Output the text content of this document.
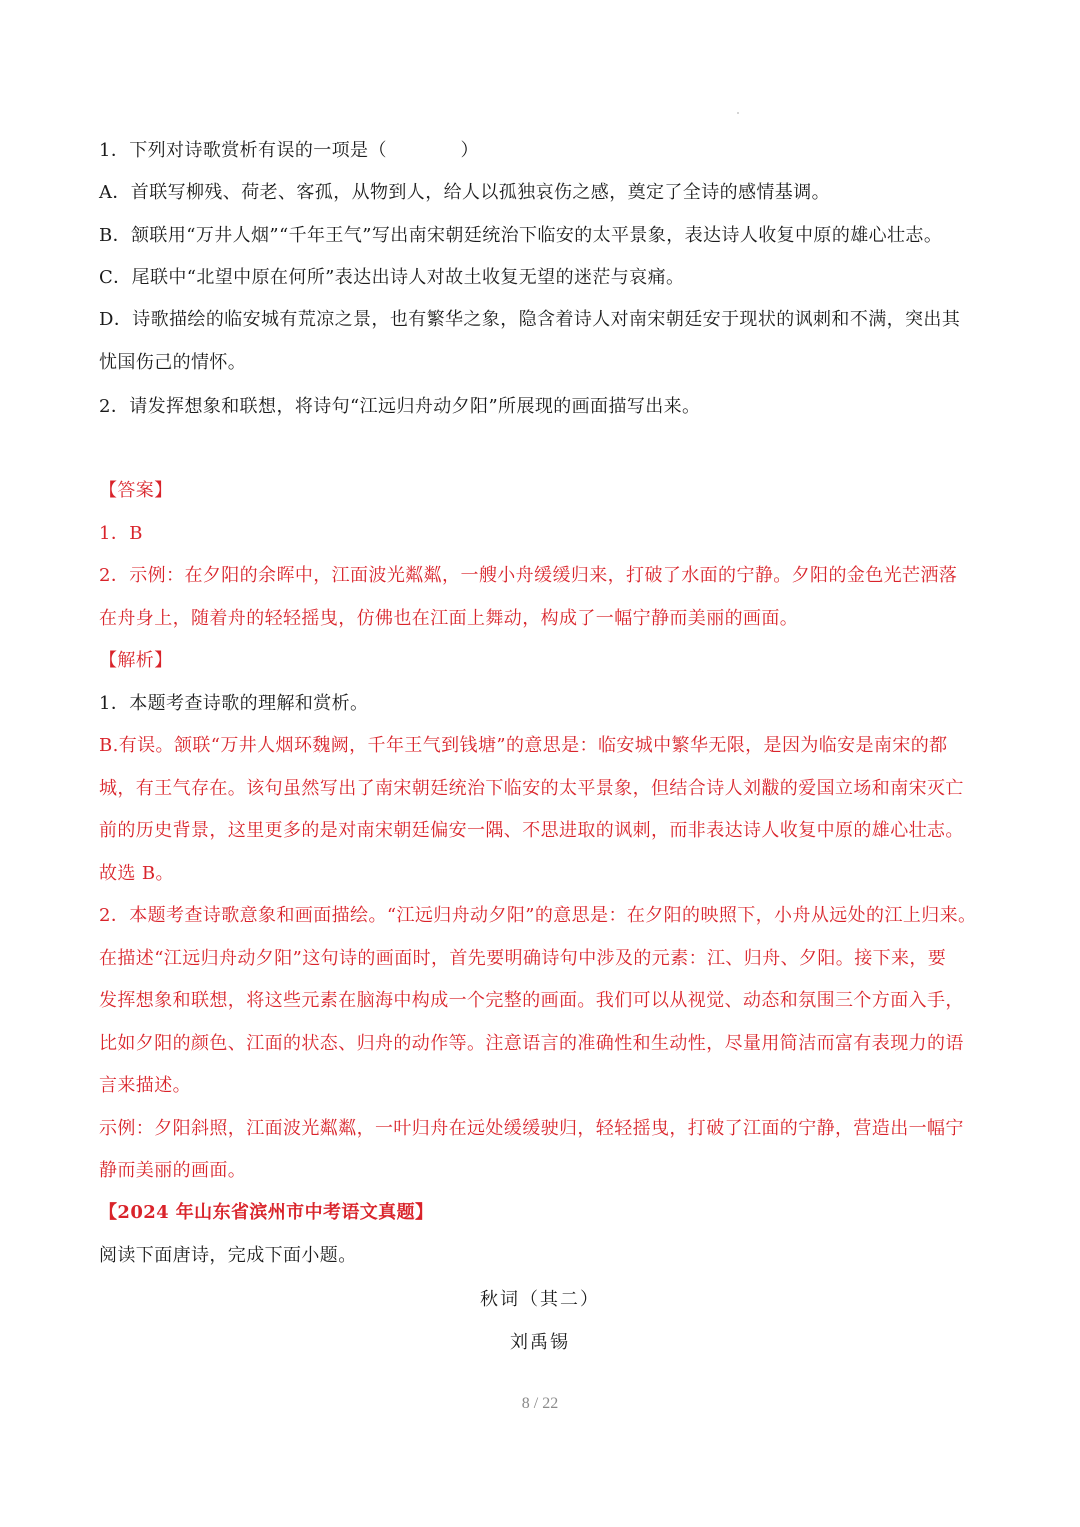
1．下列对诗歌赏析有误的一项是（　　　　）
A．首联写柳残、荷老、客孤，从物到人，给人以孤独哀伤之感，奠定了全诗的感情基调。
B．颔联用“万井人烟”“千年王气”写出南宋朝廷统治下临安的太平景象，表达诗人收复中原的雄心壮志。
C．尾联中“北望中原在何所”表达出诗人对故土收复无望的迷茫与哀痛。
D．诗歌描绘的临安城有荒凉之景，也有繁华之象，隐含着诗人对南宋朝廷安于现状的讽刺和不满，突出其
忧国伤己的情怀。
2．请发挥想象和联想，将诗句“江远归舟动夕阳”所展现的画面描写出来。
【答案】
1．B
2．示例：在夕阳的余晖中，江面波光粼粼，一艘小舟缓缓归来，打破了水面的宁静。夕阳的金色光芒洒落
在舟身上，随着舟的轻轻摇曳，仿佛也在江面上舞动，构成了一幅宁静而美丽的画面。
【解析】
1．本题考查诗歌的理解和赏析。
B.有误。颔联“万井人烟环魏阙，千年王气到钱塘”的意思是：临安城中繁华无限，是因为临安是南宋的都
城，有王气存在。该句虽然写出了南宋朝廷统治下临安的太平景象，但结合诗人刘黻的爱国立场和南宋灭亡
前的历史背景，这里更多的是对南宋朝廷偏安一隅、不思进取的讽刺，而非表达诗人收复中原的雄心壮志。
故选 B。
2．本题考查诗歌意象和画面描绘。“江远归舟动夕阳”的意思是：在夕阳的映照下，小舟从远处的江上归来。
在描述“江远归舟动夕阳”这句诗的画面时，首先要明确诗句中涉及的元素：江、归舟、夕阳。接下来，要
发挥想象和联想，将这些元素在脑海中构成一个完整的画面。我们可以从视觉、动态和氛围三个方面入手，
比如夕阳的颜色、江面的状态、归舟的动作等。注意语言的准确性和生动性，尽量用简洁而富有表现力的语
言来描述。
示例：夕阳斜照，江面波光粼粼，一叶归舟在远处缓缓驶归，轻轻摇曳，打破了江面的宁静，营造出一幅宁
静而美丽的画面。
【2024 年山东省滨州市中考语文真题】
阅读下面唐诗，完成下面小题。
秋词（其二）
刘禹锡
8 / 22
